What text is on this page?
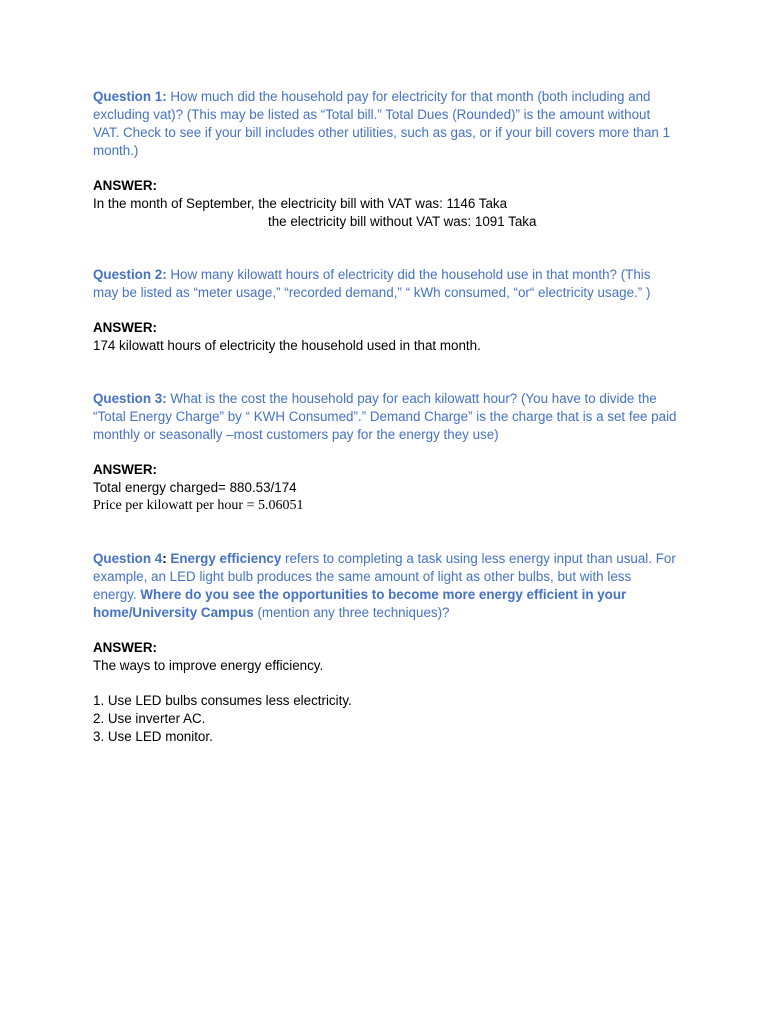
Question 1: How much did the household pay for electricity for that month (both including and excluding vat)? (This may be listed as “Total bill.” Total Dues (Rounded)” is the amount without VAT. Check to see if your bill includes other utilities, such as gas, or if your bill covers more than 1 month.)

ANSWER:

In the month of September, the electricity bill with VAT was: 1146 Taka

the electricity bill without VAT was: 1091 Taka

Question 2: How many kilowatt hours of electricity did the household use in that month? (This may be listed as “meter usage,” “recorded demand,” “ kWh consumed, “or“ electricity usage.” )

ANSWER:

174 kilowatt hours of electricity the household used in that month.

Question 3: What is the cost the household pay for each kilowatt hour? (You have to divide the “Total Energy Charge” by “ KWH Consumed”.” Demand Charge” is the charge that is a set fee paid monthly or seasonally –most customers pay for the energy they use)

ANSWER:

Total energy charged= 880.53/174

Price per kilowatt per hour = 5.06051

Question 4: Energy efficiency refers to completing a task using less energy input than usual. For example, an LED light bulb produces the same amount of light as other bulbs, but with less energy. Where do you see the opportunities to become more energy efficient in your home/University Campus (mention any three techniques)?

ANSWER:

The ways to improve energy efficiency.

1. Use LED bulbs consumes less electricity.
2. Use inverter AC.
3. Use LED monitor.
